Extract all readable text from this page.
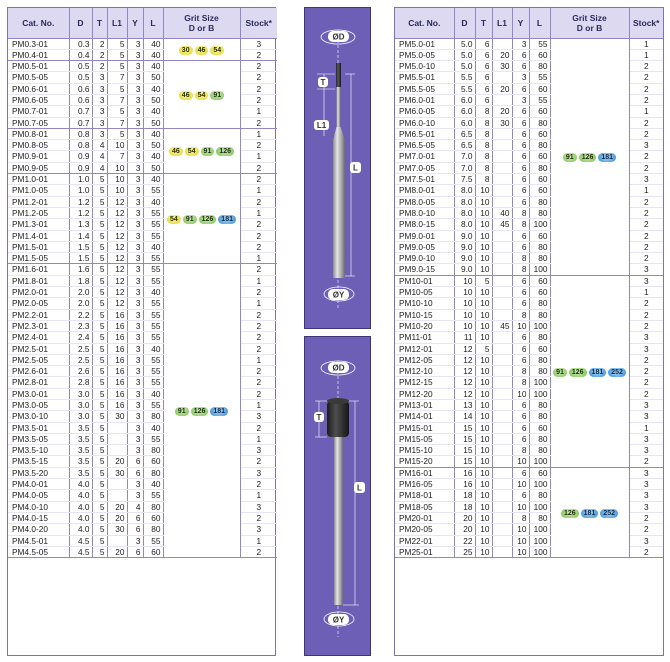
Cat. No.	D	T	L1	Y	L	Grit Size
D or B	Stock*
PM0.3-01	0.3	2	5	3	40	30 46 54	3
PM0.4-01	0.4	2	5	3	40		2
PM0.5-01	0.5	2	5	3	40	46 54 91	2
PM0.5-05	0.5	3	7	3	50		2
PM0.6-01	0.6	3	5	3	40		2
PM0.6-05	0.6	3	7	3	50		2
PM0.7-01	0.7	3	5	3	40		1
PM0.7-05	0.7	3	7	3	50		2
PM0.8-01	0.8	3	5	3	40	46 54 91 126	1
PM0.8-05	0.8	4	10	3	50		2
PM0.9-01	0.9	4	7	3	40		1
PM0.9-05	0.9	4	10	3	50		2
PM1.0-01	1.0	5	10	3	40	54 91 126 181	2
PM1.0-05	1.0	5	10	3	55		1
PM1.2-01	1.2	5	12	3	40		2
PM1.2-05	1.2	5	12	3	55		1
PM1.3-01	1.3	5	12	3	55		2
PM1.4-01	1.4	5	12	3	55		2
PM1.5-01	1.5	5	12	3	40		2
PM1.5-05	1.5	5	12	3	55		1
PM1.6-01	1.6	5	12	3	55	91 126 181	2
PM1.8-01	1.8	5	12	3	55		1
PM2.0-01	2.0	5	12	3	40		2
PM2.0-05	2.0	5	12	3	55		1
PM2.2-01	2.2	5	16	3	55		2
PM2.3-01	2.3	5	16	3	55		2
PM2.4-01	2.4	5	16	3	55		2
PM2.5-01	2.5	5	16	3	40		2
PM2.5-05	2.5	5	16	3	55		1
PM2.6-01	2.6	5	16	3	55		2
PM2.8-01	2.8	5	16	3	55		2
PM3.0-01	3.0	5	16	3	40		2
PM3.0-05	3.0	5	16	3	55		1
PM3.0-10	3.0	5	30	3	80		3
PM3.5-01	3.5	5		3	40		2
PM3.5-05	3.5	5		3	55		1
PM3.5-10	3.5	5		3	80		3
PM3.5-15	3.5	5	20	6	60		2
PM3.5-20	3.5	5	30	6	80		3
PM4.0-01	4.0	5		3	40		2
PM4.0-05	4.0	5		3	55		1
PM4.0-10	4.0	5	20	4	80		3
PM4.0-15	4.0	5	20	6	60		2
PM4.0-20	4.0	5	30	6	80		3
PM4.5-01	4.5	5		3	55		1
PM4.5-05	4.5	5	20	6	60		2
ØD
T
L1
L
ØY
ØD
T
L
ØY
Cat. No.	D	T	L1	Y	L	Grit Size
D or B	Stock*
PM5.0-01	5.0	6		3	55	91 126 181	1
PM5.0-05	5.0	6	20	6	60		1
PM5.0-10	5.0	6	30	6	80		2
PM5.5-01	5.5	6		3	55		2
PM5.5-05	5.5	6	20	6	60		2
PM6.0-01	6.0	6		3	55		2
PM6.0-05	6.0	8	20	6	60		1
PM6.0-10	6.0	8	30	6	80		2
PM6.5-01	6.5	8		6	60		2
PM6.5-05	6.5	8		6	80		3
PM7.0-01	7.0	8		6	60		2
PM7.0-05	7.0	8		6	80		2
PM7.5-01	7.5	8		6	60		3
PM8.0-01	8.0	10		6	60		1
PM8.0-05	8.0	10		6	80		2
PM8.0-10	8.0	10	40	8	80		2
PM8.0-15	8.0	10	45	8	100		2
PM9.0-01	9.0	10		6	60		2
PM9.0-05	9.0	10		6	80		2
PM9.0-10	9.0	10		8	80		2
PM9.0-15	9.0	10		8	100		3
PM10-01	10	5		6	60	91 126 181 252	3
PM10-05	10	10		6	60		1
PM10-10	10	10		6	80		2
PM10-15	10	10		8	80		2
PM10-20	10	10	45	10	100		2
PM11-01	11	10		6	80		3
PM12-01	12	5		6	60		3
PM12-05	12	10		6	80		2
PM12-10	12	10		8	80		2
PM12-15	12	10		8	100		2
PM12-20	12	10		10	100		2
PM13-01	13	10		6	80		3
PM14-01	14	10		6	80		3
PM15-01	15	10		6	60		1
PM15-05	15	10		6	80		3
PM15-10	15	10		8	80		3
PM15-20	15	10		10	100		2
PM16-01	16	10		6	60	126 181 252	3
PM16-05	16	10		10	100		3
PM18-01	18	10		6	80		3
PM18-05	18	10		10	100		3
PM20-01	20	10		8	80		2
PM20-05	20	10		10	100		2
PM22-01	22	10		10	100		3
PM25-01	25	10		10	100		2
